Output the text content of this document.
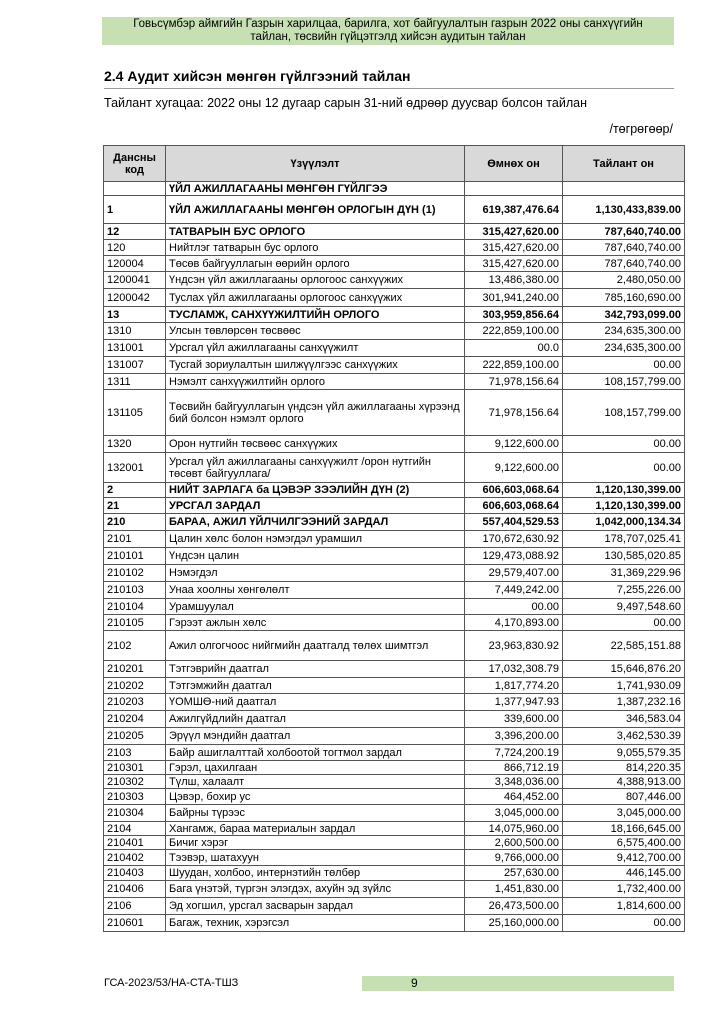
Говьсүмбэр аймгийн Газрын харилцаа, барилга, хот байгуулалтын газрын 2022 оны санхүүгийн
тайлан, төсвийн гүйцэтгэлд хийсэн аудитын тайлан
2.4 Аудит хийсэн мөнгөн гүйлгээний тайлан
Тайлант хугацаа: 2022 оны 12 дугаар сарын 31-ний өдрөөр дуусвар болсон тайлан
/төгрөгөөр/
Дансны код	Үзүүлэлт	Өмнөх он	Тайлант он
	ҮЙЛ АЖИЛЛАГААНЫ МӨНГӨН ГҮЙЛГЭЭ		
1	ҮЙЛ АЖИЛЛАГААНЫ МӨНГӨН ОРЛОГЫН ДҮН (1)	619,387,476.64	1,130,433,839.00
12	ТАТВАРЫН БУС ОРЛОГО	315,427,620.00	787,640,740.00
120	Нийтлэг татварын бус орлого	315,427,620.00	787,640,740.00
120004	Төсөв байгууллагын өөрийн орлого	315,427,620.00	787,640,740.00
1200041	Үндсэн үйл ажиллагааны орлогоос санхүүжих	13,486,380.00	2,480,050.00
1200042	Туслах үйл ажиллагааны орлогоос санхүүжих	301,941,240.00	785,160,690.00
13	ТУСЛАМЖ, САНХҮҮЖИЛТИЙН ОРЛОГО	303,959,856.64	342,793,099.00
1310	Улсын төвлөрсөн төсвөөс	222,859,100.00	234,635,300.00
131001	Урсгал үйл ажиллагааны санхүүжилт	00.0	234,635,300.00
131007	Тусгай зориулалтын шилжүүлгээс санхүүжих	222,859,100.00	00.00
1311	Нэмэлт санхүүжилтийн орлого	71,978,156.64	108,157,799.00
131105	Төсвийн байгууллагын үндсэн үйл ажиллагааны хүрээнд бий болсон нэмэлт орлого	71,978,156.64	108,157,799.00
1320	Орон нутгийн төсвөөс санхүүжих	9,122,600.00	00.00
132001	Урсгал үйл ажиллагааны санхүүжилт /орон нутгийн төсөвт байгууллага/	9,122,600.00	00.00
2	НИЙТ ЗАРЛАГА ба ЦЭВЭР ЗЭЭЛИЙН ДҮН (2)	606,603,068.64	1,120,130,399.00
21	УРСГАЛ ЗАРДАЛ	606,603,068.64	1,120,130,399.00
210	БАРАА, АЖИЛ ҮЙЛЧИЛГЭЭНИЙ ЗАРДАЛ	557,404,529.53	1,042,000,134.34
2101	Цалин хөлс болон нэмэгдэл урамшил	170,672,630.92	178,707,025.41
210101	Үндсэн цалин	129,473,088.92	130,585,020.85
210102	Нэмэгдэл	29,579,407.00	31,369,229.96
210103	Унаа хоолны хөнгөлөлт	7,449,242.00	7,255,226.00
210104	Урамшуулал	00.00	9,497,548.60
210105	Гэрээт ажлын хөлс	4,170,893.00	00.00
2102	Ажил олгогчоос нийгмийн даатгалд төлөх шимтгэл	23,963,830.92	22,585,151.88
210201	Тэтгэврийн даатгал	17,032,308.79	15,646,876.20
210202	Тэтгэмжийн даатгал	1,817,774.20	1,741,930.09
210203	ҮОМШӨ-ний даатгал	1,377,947.93	1,387,232.16
210204	Ажилгүйдлийн даатгал	339,600.00	346,583.04
210205	Эрүүл мэндийн даатгал	3,396,200.00	3,462,530.39
2103	Байр ашиглалттай холбоотой тогтмол зардал	7,724,200.19	9,055,579.35
210301	Гэрэл, цахилгаан	866,712.19	814,220.35
210302	Түлш, халаалт	3,348,036.00	4,388,913.00
210303	Цэвэр, бохир ус	464,452.00	807,446.00
210304	Байрны түрээс	3,045,000.00	3,045,000.00
2104	Хангамж, бараа материалын зардал	14,075,960.00	18,166,645.00
210401	Бичиг хэрэг	2,600,500.00	6,575,400.00
210402	Тээвэр, шатахуун	9,766,000.00	9,412,700.00
210403	Шуудан, холбоо, интернэтийн төлбөр	257,630.00	446,145.00
210406	Бага үнэтэй, түргэн элэгдэх, ахуйн эд зүйлс	1,451,830.00	1,732,400.00
2106	Эд хогшил, урсгал засварын зардал	26,473,500.00	1,814,600.00
210601	Багаж, техник, хэрэгсэл	25,160,000.00	00.00
ГСА-2023/53/НА-СТА-ТШЗ	9
